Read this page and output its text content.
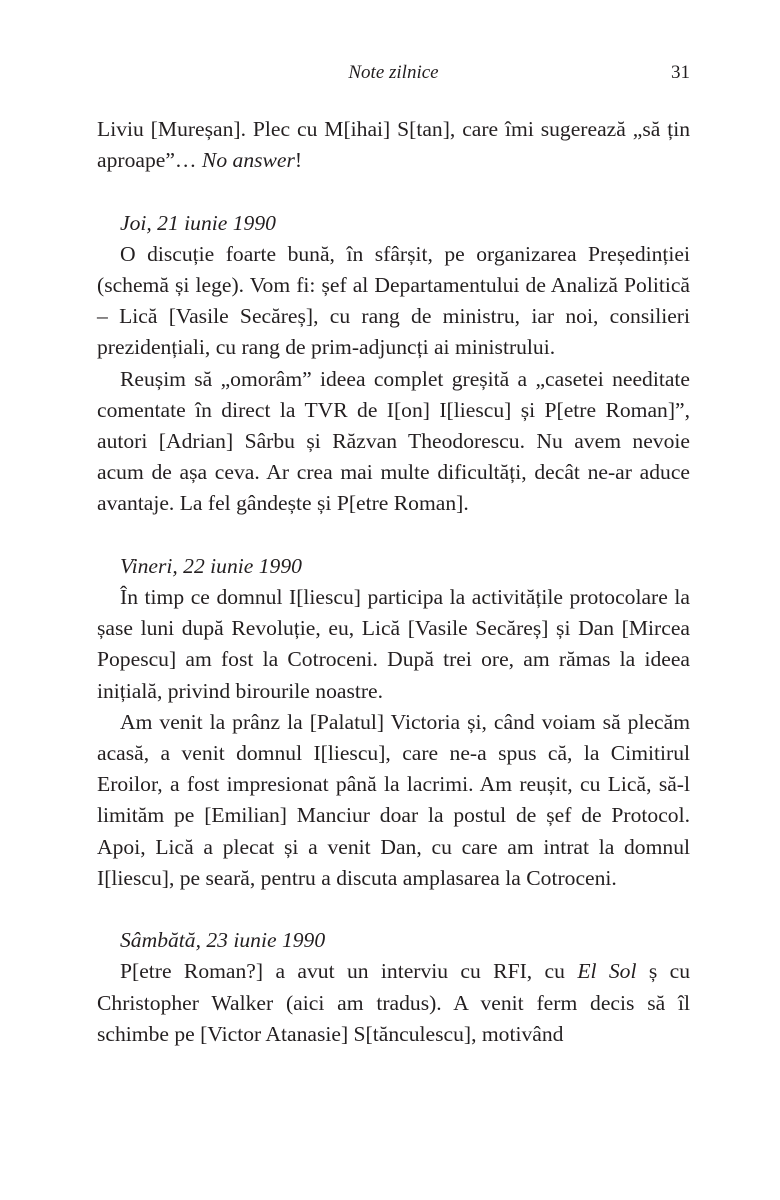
Note zilnice	31

Liviu [Mureșan]. Plec cu M[ihai] S[tan], care îmi sugerează „să țin aproape”… No answer!

Joi, 21 iunie 1990

O discuție foarte bună, în sfârșit, pe organizarea Președinției (schemă și lege). Vom fi: șef al Departamentului de Analiză Politică – Lică [Vasile Secăreș], cu rang de ministru, iar noi, consilieri prezidențiali, cu rang de prim-adjuncți ai ministrului.

Reușim să „omorâm” ideea complet greșită a „casetei needitate comentate în direct la TVR de I[on] I[liescu] și P[etre Roman]”, autori [Adrian] Sârbu și Răzvan Theodorescu. Nu avem nevoie acum de așa ceva. Ar crea mai multe dificultăți, decât ne-ar aduce avantaje. La fel gândește și P[etre Roman].

Vineri, 22 iunie 1990

În timp ce domnul I[liescu] participa la activitățile protocolare la șase luni după Revoluție, eu, Lică [Vasile Secăreș] și Dan [Mircea Popescu] am fost la Cotroceni. După trei ore, am rămas la ideea inițială, privind birourile noastre.

Am venit la prânz la [Palatul] Victoria și, când voiam să plecăm acasă, a venit domnul I[liescu], care ne-a spus că, la Cimitirul Eroilor, a fost impresionat până la lacrimi. Am reușit, cu Lică, să-l limităm pe [Emilian] Manciur doar la postul de șef de Protocol. Apoi, Lică a plecat și a venit Dan, cu care am intrat la domnul I[liescu], pe seară, pentru a discuta amplasarea la Cotroceni.

Sâmbătă, 23 iunie 1990

P[etre Roman?] a avut un interviu cu RFI, cu El Sol ș cu Christopher Walker (aici am tradus). A venit ferm decis să îl schimbe pe [Victor Atanasie] S[tănculescu], motivând
